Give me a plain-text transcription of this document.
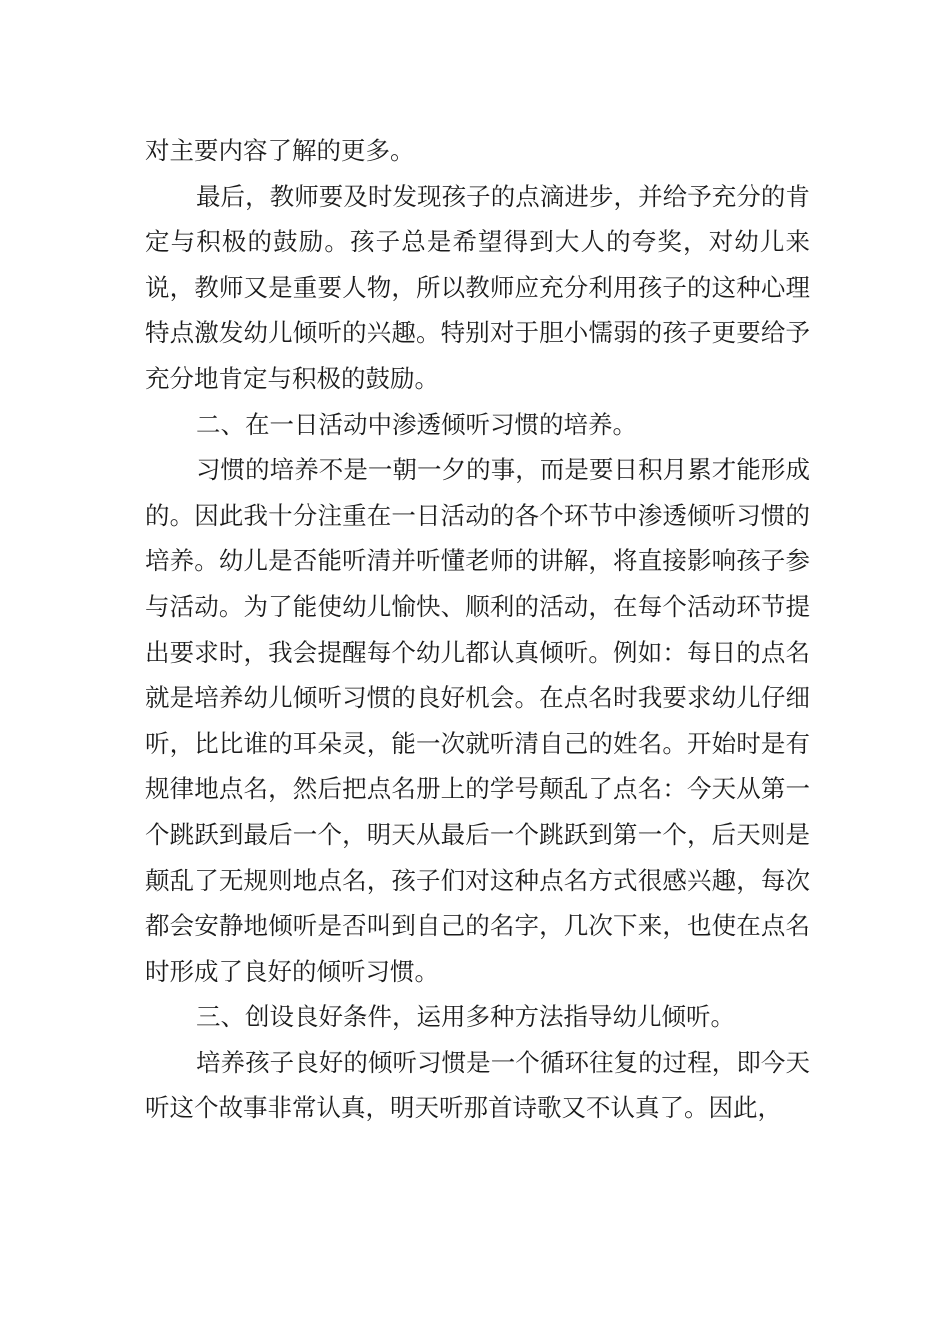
对主要内容了解的更多。

最后，教师要及时发现孩子的点滴进步，并给予充分的肯定与积极的鼓励。孩子总是希望得到大人的夸奖，对幼儿来说，教师又是重要人物，所以教师应充分利用孩子的这种心理特点激发幼儿倾听的兴趣。特别对于胆小懦弱的孩子更要给予充分地肯定与积极的鼓励。

二、在一日活动中渗透倾听习惯的培养。

习惯的培养不是一朝一夕的事，而是要日积月累才能形成的。因此我十分注重在一日活动的各个环节中渗透倾听习惯的培养。幼儿是否能听清并听懂老师的讲解，将直接影响孩子参与活动。为了能使幼儿愉快、顺利的活动，在每个活动环节提出要求时，我会提醒每个幼儿都认真倾听。例如：每日的点名就是培养幼儿倾听习惯的良好机会。在点名时我要求幼儿仔细听，比比谁的耳朵灵，能一次就听清自己的姓名。开始时是有规律地点名，然后把点名册上的学号颠乱了点名：今天从第一个跳跃到最后一个，明天从最后一个跳跃到第一个，后天则是颠乱了无规则地点名，孩子们对这种点名方式很感兴趣，每次都会安静地倾听是否叫到自己的名字，几次下来，也使在点名时形成了良好的倾听习惯。

三、创设良好条件，运用多种方法指导幼儿倾听。

培养孩子良好的倾听习惯是一个循环往复的过程，即今天听这个故事非常认真，明天听那首诗歌又不认真了。因此，
